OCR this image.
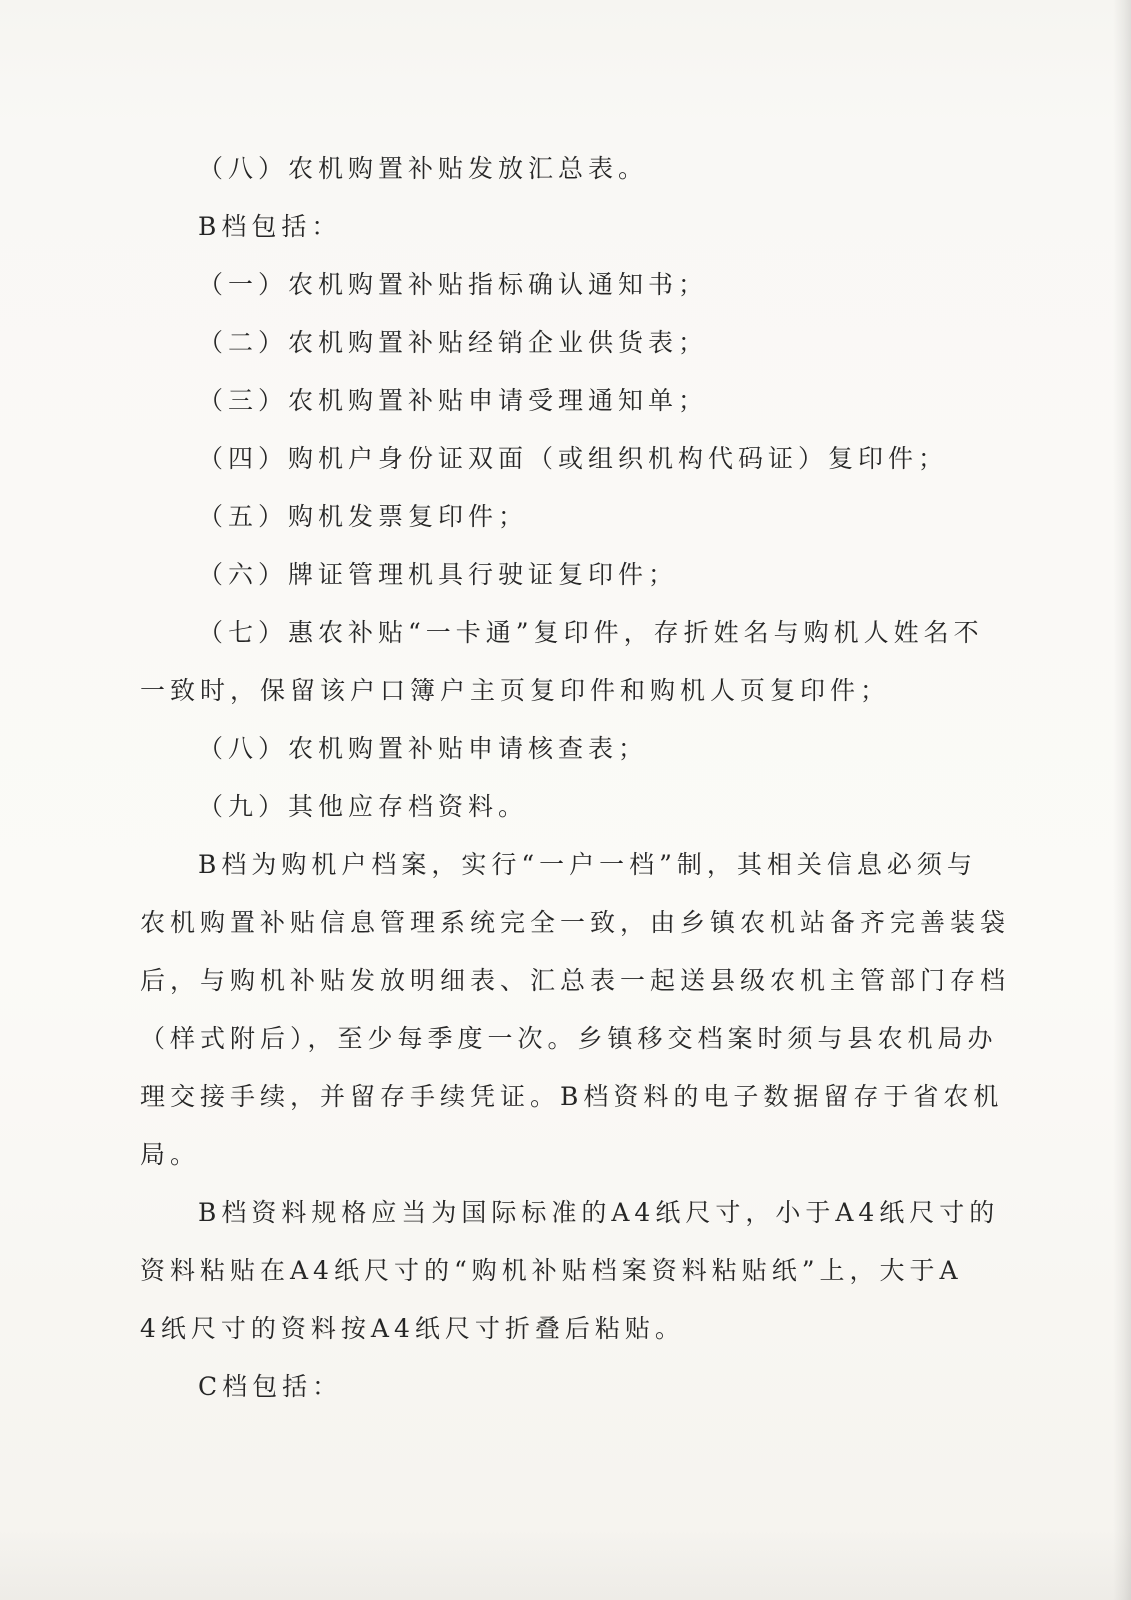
（八）农机购置补贴发放汇总表。

B档包括：

（一）农机购置补贴指标确认通知书；

（二）农机购置补贴经销企业供货表；

（三）农机购置补贴申请受理通知单；

（四）购机户身份证双面（或组织机构代码证）复印件；

（五）购机发票复印件；

（六）牌证管理机具行驶证复印件；

（七）惠农补贴“一卡通”复印件，存折姓名与购机人姓名不

一致时，保留该户口簿户主页复印件和购机人页复印件；

（八）农机购置补贴申请核查表；

（九）其他应存档资料。

B档为购机户档案，实行“一户一档”制，其相关信息必须与

农机购置补贴信息管理系统完全一致，由乡镇农机站备齐完善装袋

后，与购机补贴发放明细表、汇总表一起送县级农机主管部门存档

（样式附后），至少每季度一次。乡镇移交档案时须与县农机局办

理交接手续，并留存手续凭证。B档资料的电子数据留存于省农机

局。

B档资料规格应当为国际标准的A4纸尺寸，小于A4纸尺寸的

资料粘贴在A4纸尺寸的“购机补贴档案资料粘贴纸”上，大于A

4纸尺寸的资料按A4纸尺寸折叠后粘贴。

C档包括：
